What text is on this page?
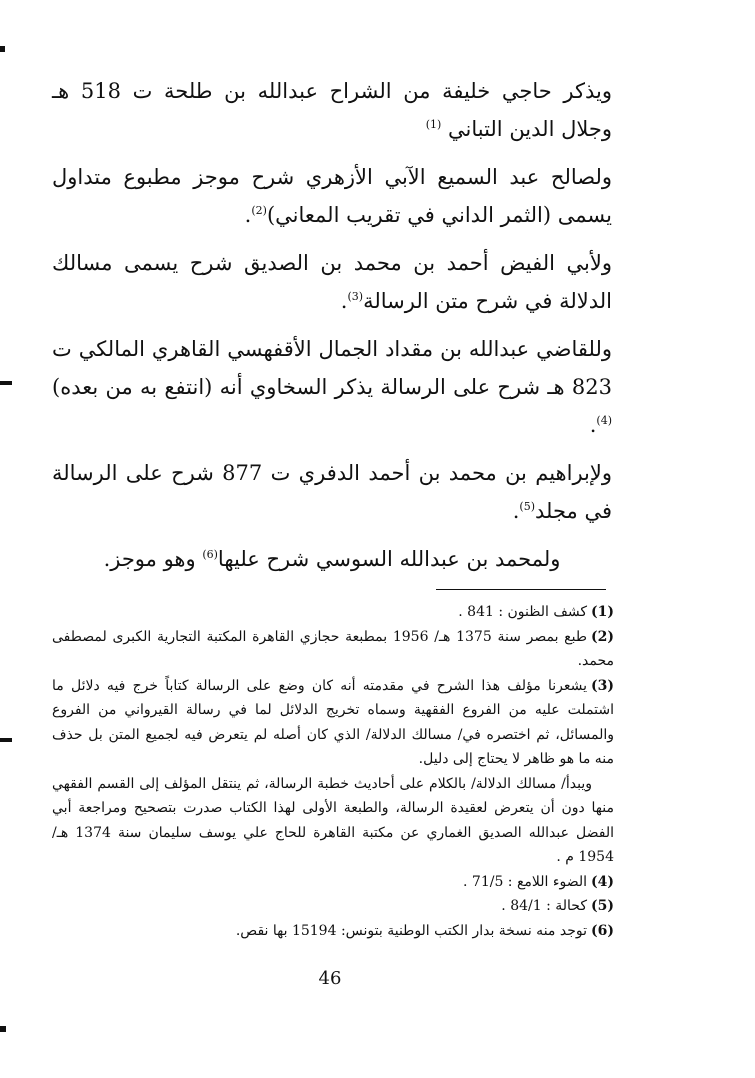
ويذكر حاجي خليفة من الشراح عبدالله بن طلحة ت 518 هـ وجلال الدين التباني $^{(1)}$

ولصالح عبد السميع الآبي الأزهري شرح موجز مطبوع متداول يسمى (الثمر الداني في تقريب المعاني)$^{(2)}$.

ولأبي الفيض أحمد بن محمد بن الصديق شرح يسمى مسالك الدلالة في شرح متن الرسالة$^{(3)}$.

وللقاضي عبدالله بن مقداد الجمال الأقفهسي القاهري المالكي ت 823 هـ شرح على الرسالة يذكر السخاوي أنه (انتفع به من بعده)$^{(4)}$.

ولإبراهيم بن محمد بن أحمد الدفري ت 877 شرح على الرسالة في مجلد$^{(5)}$.

ولمحمد بن عبدالله السوسي شرح عليها$^{(6)}$ وهو موجز.

(1)كشف الظنون : 841 .

(2)طبع بمصر سنة 1375 هـ/ 1956 بمطبعة حجازي القاهرة المكتبة التجارية الكبرى لمصطفى محمد.

(3)يشعرنا مؤلف هذا الشرح في مقدمته أنه كان وضع على الرسالة كتاباً خرج فيه دلائل ما اشتملت عليه من الفروع الفقهية وسماه تخريج الدلائل لما في رسالة القيرواني من الفروع والمسائل، ثم اختصره في/ مسالك الدلالة/ الذي كان أصله لم يتعرض فيه لجميع المتن بل حذف منه ما هو ظاهر لا يحتاج إلى دليل.

ويبدأ/ مسالك الدلالة/ بالكلام على أحاديث خطبة الرسالة، ثم ينتقل المؤلف إلى القسم الفقهي منها دون أن يتعرض لعقيدة الرسالة، والطبعة الأولى لهذا الكتاب صدرت بتصحيح ومراجعة أبي الفضل عبدالله الصديق الغماري عن مكتبة القاهرة للحاج علي يوسف سليمان سنة 1374 هـ/ 1954 م .

(4)الضوء اللامع : 71/5 .

(5)كحالة : 84/1 .

(6)توجد منه نسخة بدار الكتب الوطنية بتونس: 15194 بها نقص.

46
